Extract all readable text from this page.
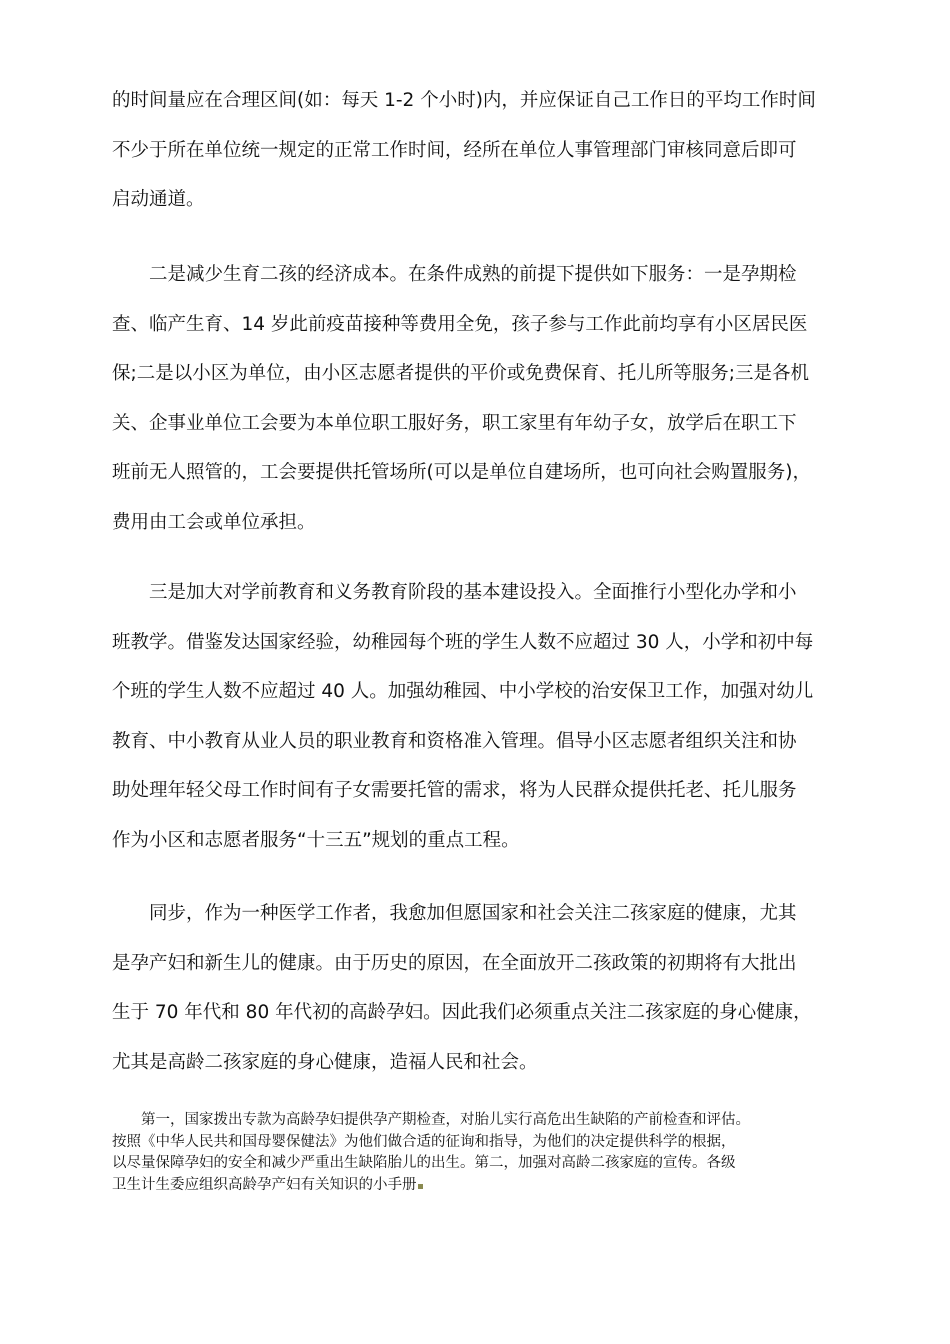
的时间量应在合理区间(如：每天 1-2 个小时)内，并应保证自己工作日的平均工作时间
不少于所在单位统一规定的正常工作时间，经所在单位人事管理部门审核同意后即可
启动通道。

　　二是减少生育二孩的经济成本。在条件成熟的前提下提供如下服务：一是孕期检
查、临产生育、14 岁此前疫苗接种等费用全免，孩子参与工作此前均享有小区居民医
保;二是以小区为单位，由小区志愿者提供的平价或免费保育、托儿所等服务;三是各机
关、企事业单位工会要为本单位职工服好务，职工家里有年幼子女，放学后在职工下
班前无人照管的，工会要提供托管场所(可以是单位自建场所，也可向社会购置服务)，
费用由工会或单位承担。

　　三是加大对学前教育和义务教育阶段的基本建设投入。全面推行小型化办学和小
班教学。借鉴发达国家经验，幼稚园每个班的学生人数不应超过 30 人，小学和初中每
个班的学生人数不应超过 40 人。加强幼稚园、中小学校的治安保卫工作，加强对幼儿
教育、中小教育从业人员的职业教育和资格准入管理。倡导小区志愿者组织关注和协
助处理年轻父母工作时间有子女需要托管的需求，将为人民群众提供托老、托儿服务
作为小区和志愿者服务“十三五”规划的重点工程。

　　同步，作为一种医学工作者，我愈加但愿国家和社会关注二孩家庭的健康，尤其
是孕产妇和新生儿的健康。由于历史的原因，在全面放开二孩政策的初期将有大批出
生于 70 年代和 80 年代初的高龄孕妇。因此我们必须重点关注二孩家庭的身心健康，
尤其是高龄二孩家庭的身心健康，造福人民和社会。

　　第一，国家拨出专款为高龄孕妇提供孕产期检查，对胎儿实行高危出生缺陷的产前检查和评估。
按照《中华人民共和国母婴保健法》为他们做合适的征询和指导，为他们的决定提供科学的根据，
以尽量保障孕妇的安全和减少严重出生缺陷胎儿的出生。第二，加强对高龄二孩家庭的宣传。各级
卫生计生委应组织高龄孕产妇有关知识的小手册
